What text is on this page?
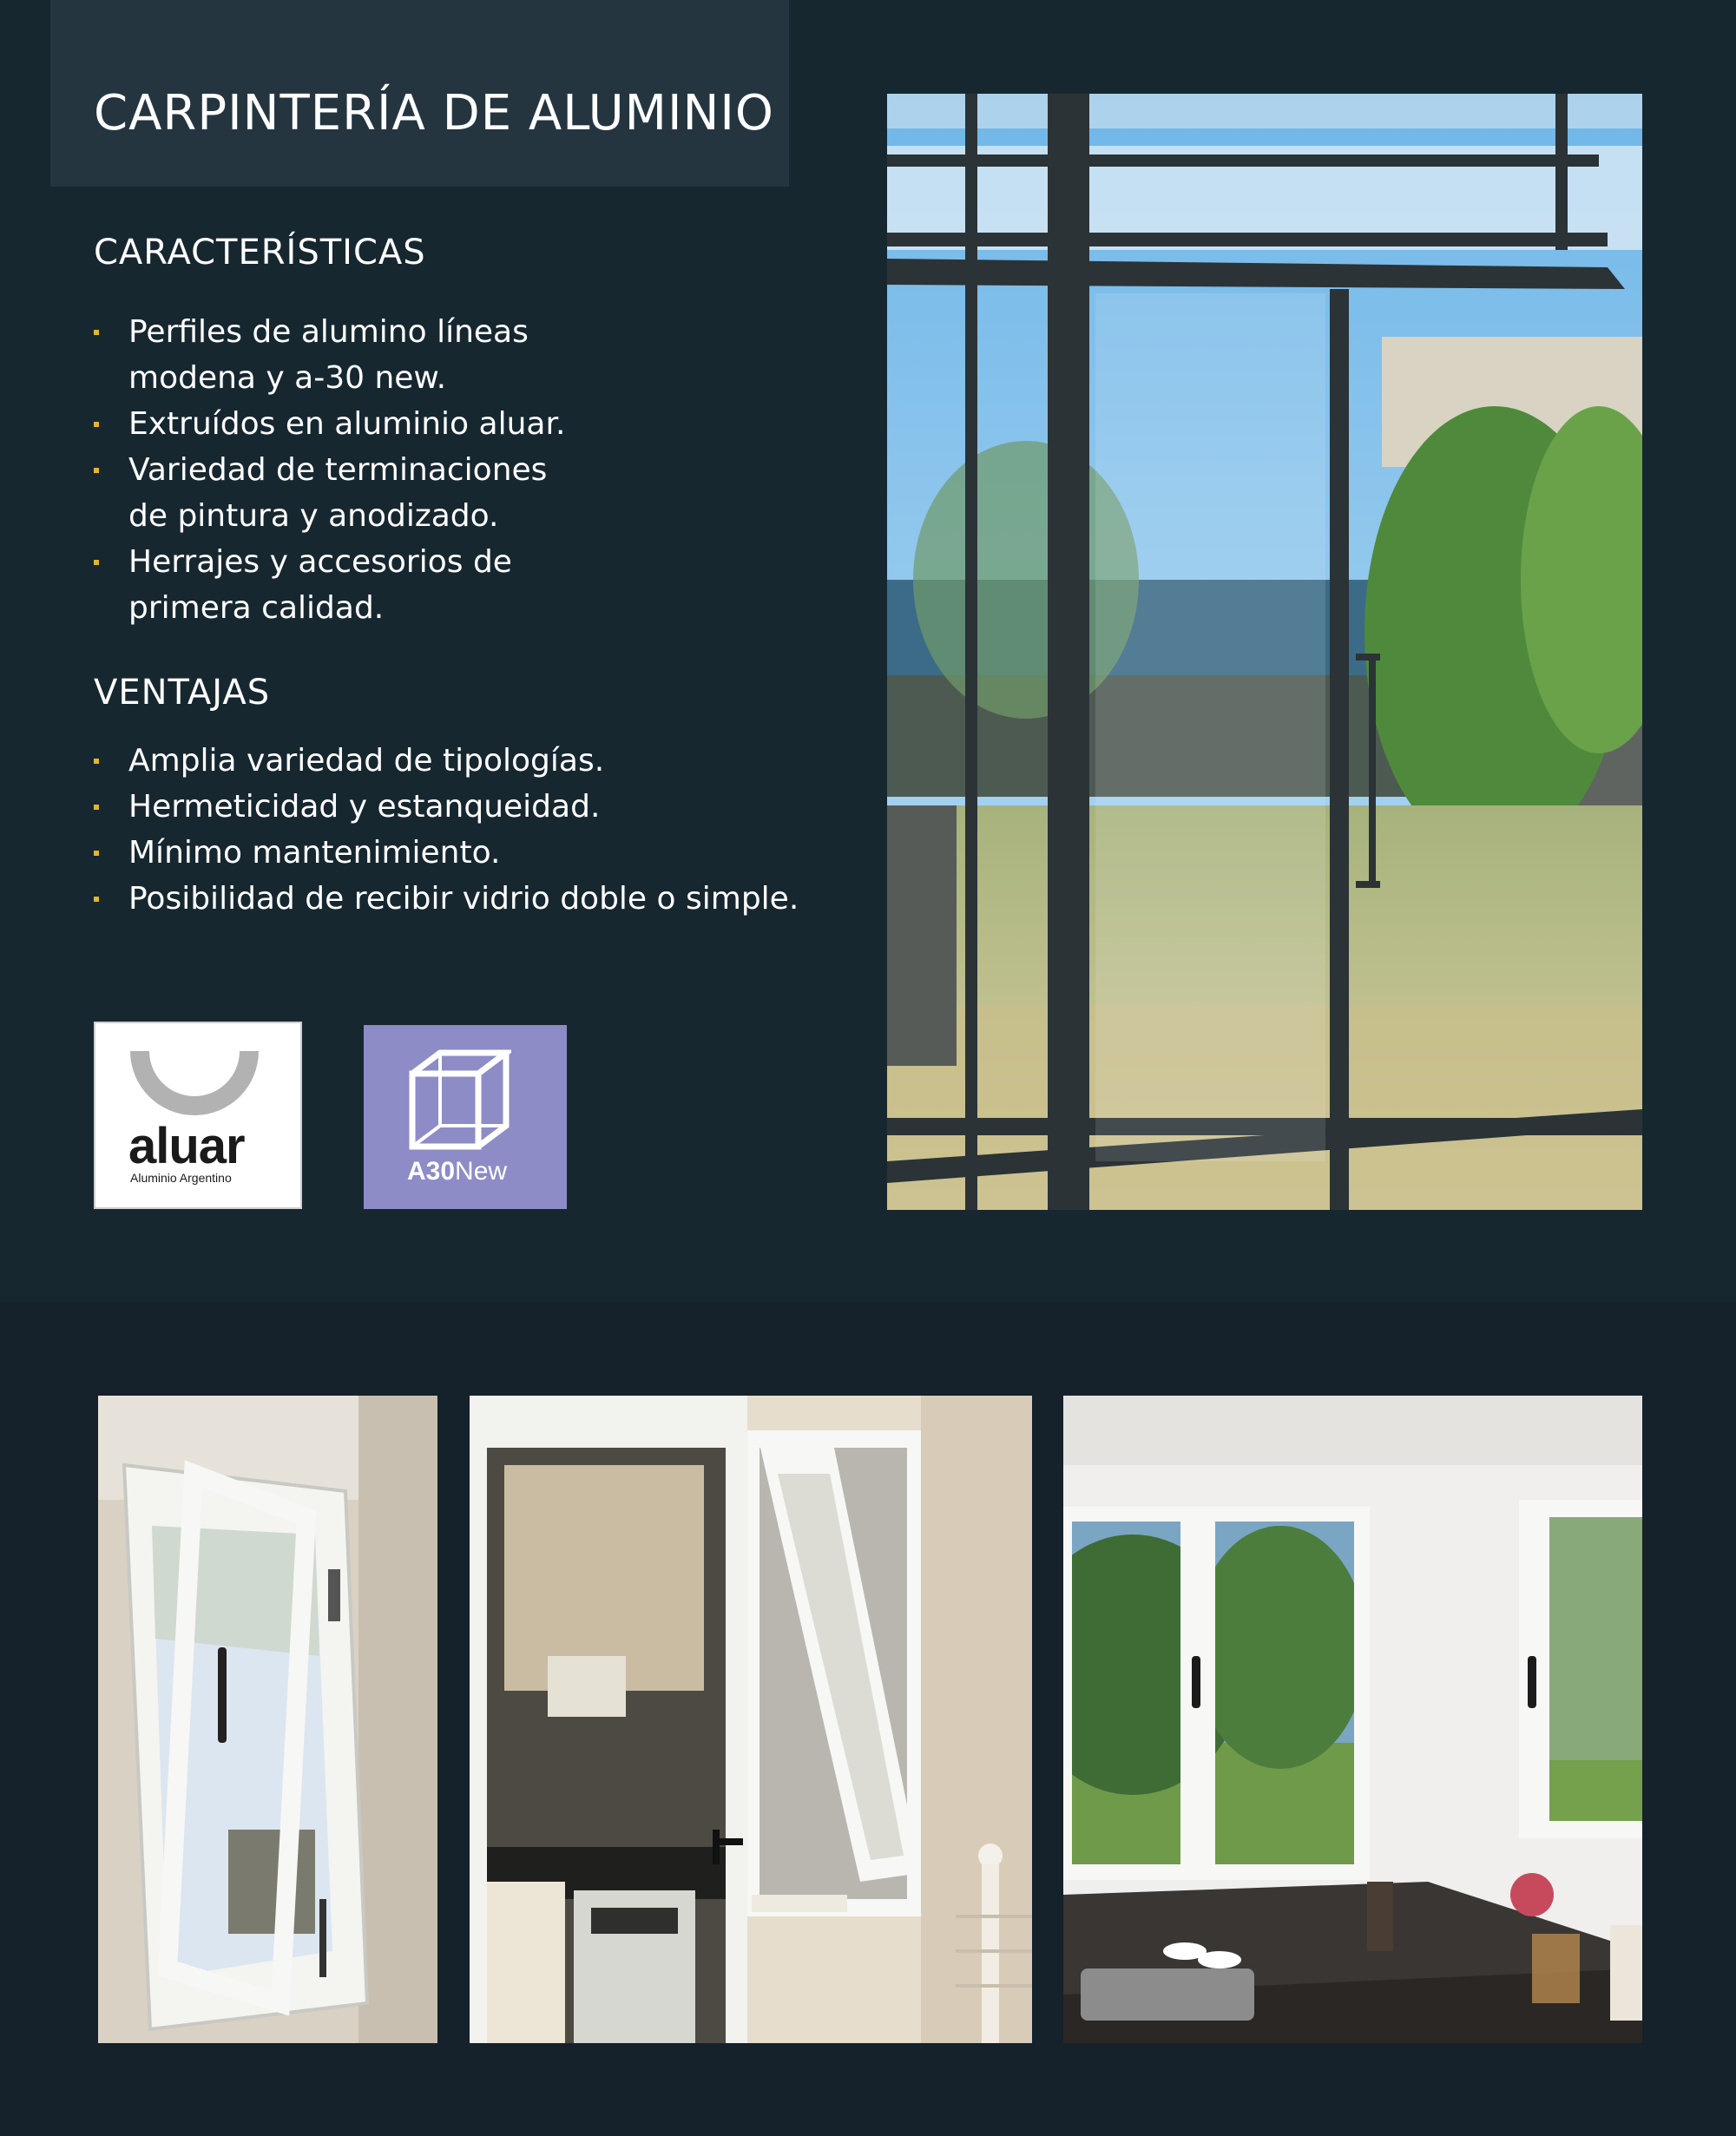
CARPINTERÍA DE ALUMINIO
CARACTERÍSTICAS
Perfiles de alumino líneas
modena y a-30 new.
Extruídos en aluminio aluar.
Variedad de terminaciones
de pintura y anodizado.
Herrajes y accesorios de
primera calidad.
VENTAJAS
Amplia variedad de tipologías.
Hermeticidad y estanqueidad.
Mínimo mantenimiento.
Posibilidad de recibir vidrio doble o simple.
aluar
Aluminio Argentino	A30New
